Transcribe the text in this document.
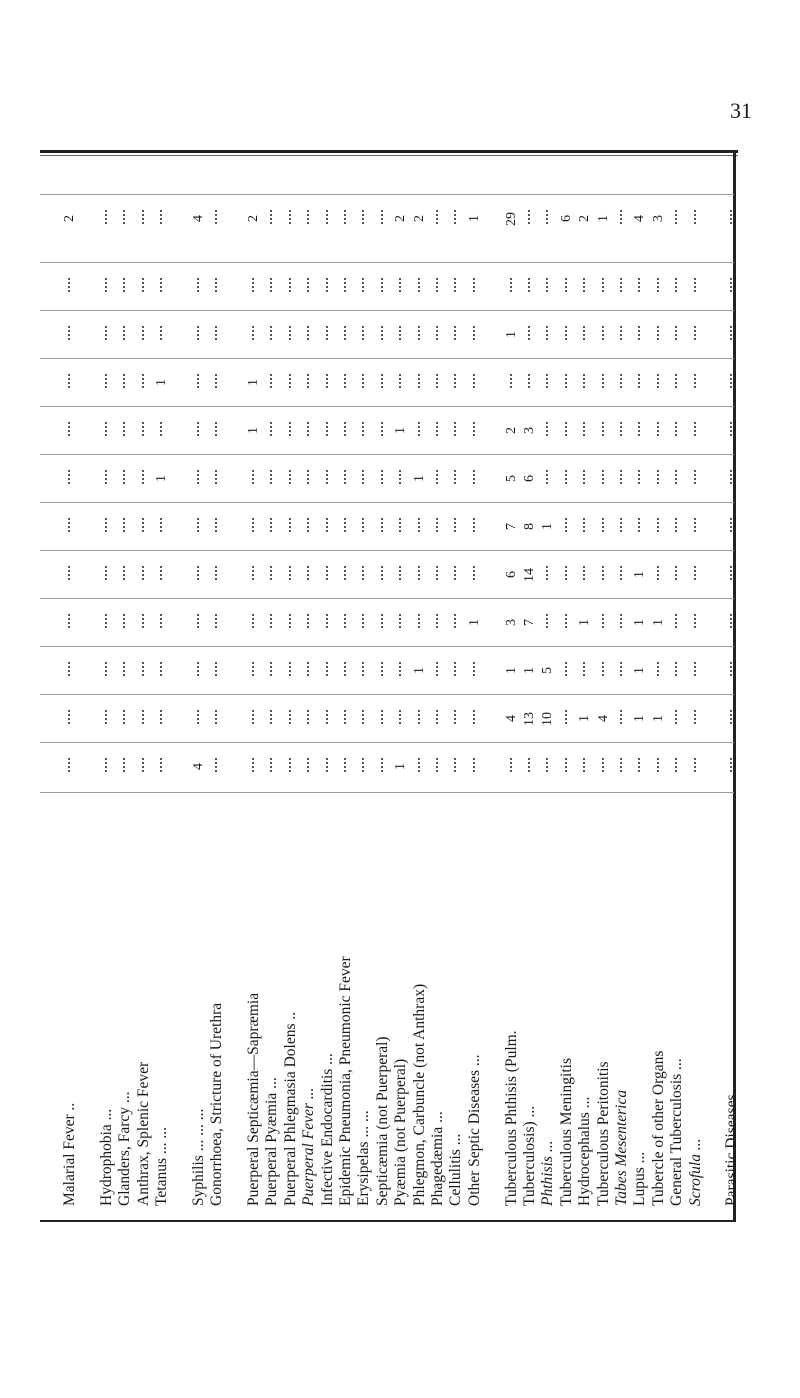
31
Malarial Fever ..
2
Hydrophobia ... Glanders, Farcy ... Anthrax, Splenic Fever Tetanus ... ...
1
1
Syphilis ... ... ...
4
4
Gonorrhoea, Stricture of Urethra Puerperal Septicæmia—Sapræmia
1
1
2
Puerperal Pyæmia ... Puerperal Phlegmasia Dolens .. Puerperal Fever ... Infective Endocarditis ... Epidemic Pneumonia, Pneumonic Fever Erysipelas ... ... Septicæmia (not Puerperal) Pyæmia (not Puerperal)
1
1
2
Phlegmon, Carbuncle (not Anthrax)
1
1
2
Phagedæmia ... Cellulitis ... Other Septic Diseases ...
1
1
Tuberculous Phthisis (Pulm.
4
1
3
6
7
5
2
1
29
Tuberculosis) ...
13
1
7
14
8
6
3
Phthisis ...
10
5
1
Tuberculous Meningitis
6
Hydrocephalus ...
1
1
2
Tuberculous Peritonitis
4
1
Tabes Mesenterica Lupus ...
1
1
1
1
4
Tubercle of other Organs
1
1
3
General Tuberculosis ... Scrofula ... Parasitic Diseases
